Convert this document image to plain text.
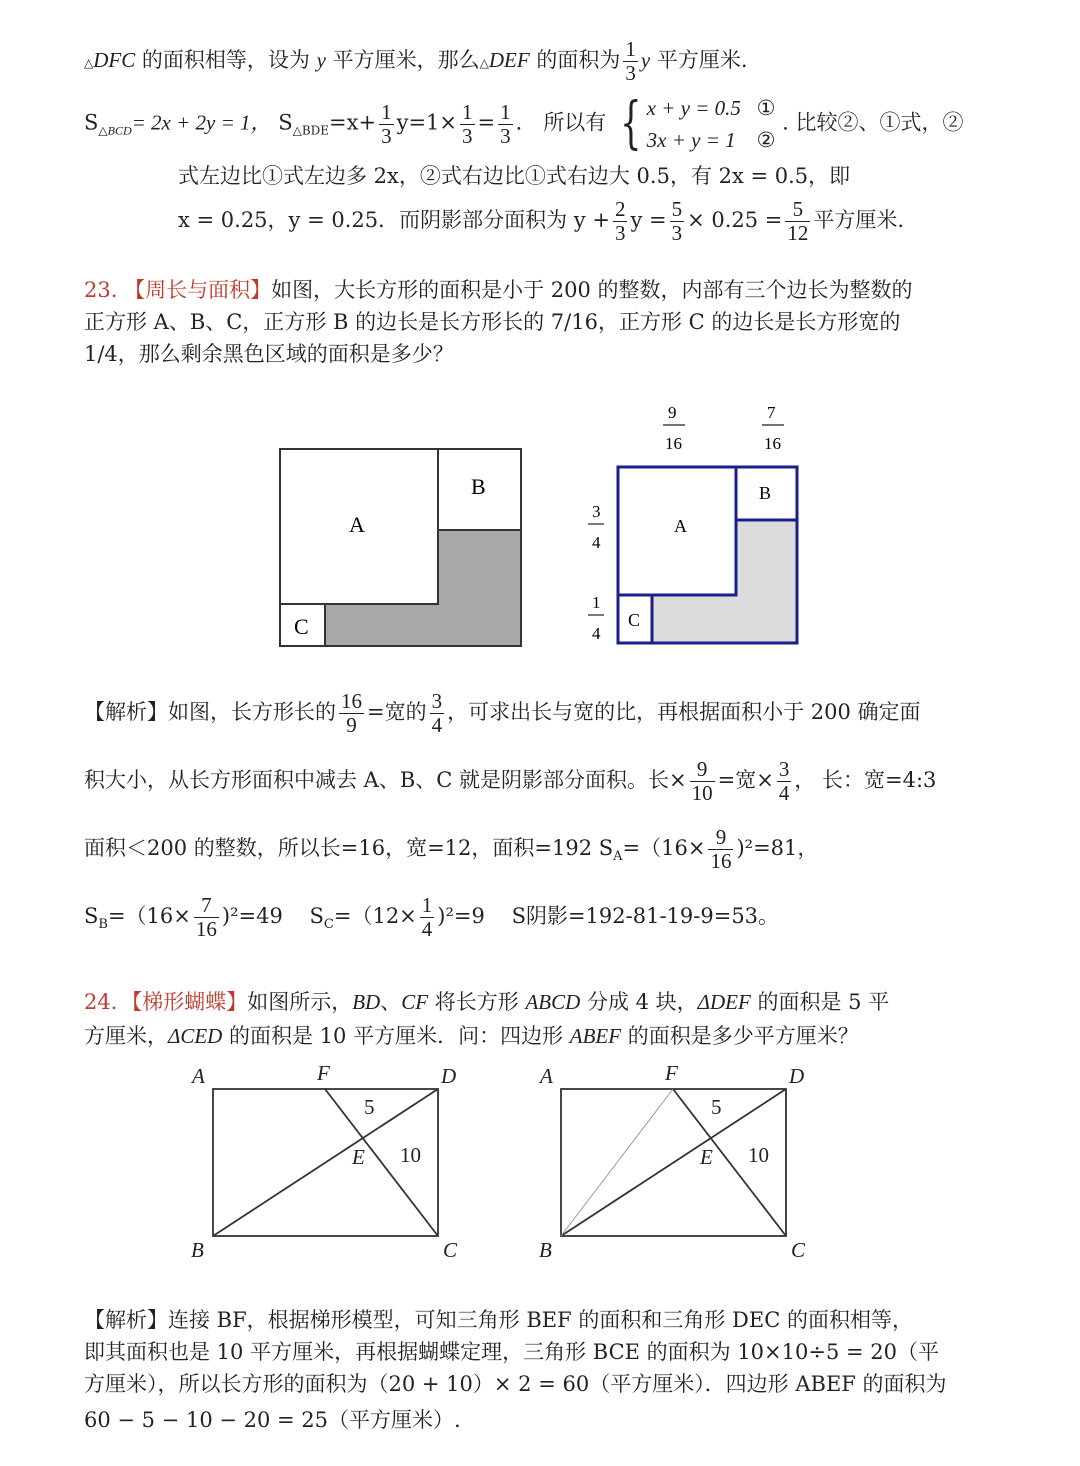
△DFC 的面积相等，设为 y 平方厘米，那么△DEF 的面积为 $\frac{1}{3}$ y 平方厘米.
$S_{\triangle BCD}= 2x + 2y = 1$， $S_{\triangle BDE}=x+ \frac{1}{3} y=1\times \frac{1}{3} = \frac{1}{3}$ ． 所以有 { x + y = 0.5 ①
3x + y = 1 ② . 比较②、①式，②
式左边比①式左边多 2x，②式右边比①式右边大 0.5，有 2x = 0.5，即
x = 0.25，y = 0.25．而阴影部分面积为 $y + \frac{2}{3}$ $y = \frac{5}{3} \times 0.25 = \frac{5}{12}$ 平方厘米.
23. 【周长与面积】如图，大长方形的面积是小于 200 的整数，内部有三个边长为整数的
正方形 A、B、C，正方形 B 的边长是长方形长的 7/16，正方形 C 的边长是长方形宽的
1/4，那么剩余黑色区域的面积是多少？
A
B
C
A
B
C
9
16
7
16
3
4
1
4
【解析】如图，长方形长的 $\frac{16}{9}$ =宽的 $\frac{3}{4}$ ，可求出长与宽的比，再根据面积小于 200 确定面
积大小，从长方形面积中减去 A、B、C 就是阴影部分面积。长× $\frac{9}{10}$ =宽× $\frac{3}{4}$ ， 长：宽=4:3
面积＜200 的整数，所以长=16，宽=12，面积=192 $S_A=(16\times \frac{9}{16} )^2=81$，
$S_B=(16\times \frac{7}{16} )^2=49$ $S_C=(12\times \frac{1}{4} )^2=9$ S阴影=192-81-19-9=53。
24．【梯形蝴蝶】如图所示，BD、CF 将长方形 ABCD 分成 4 块，ΔDEF 的面积是 5 平
方厘米，ΔCED 的面积是 10 平方厘米．问：四边形 ABEF 的面积是多少平方厘米？
A	F	D
B	C
E
5
10
A	F	D
B	C
E
5
10
【解析】连接 BF，根据梯形模型，可知三角形 BEF 的面积和三角形 DEC 的面积相等，
即其面积也是 10 平方厘米，再根据蝴蝶定理，三角形 BCE 的面积为 10×10÷5 = 20（平
方厘米），所以长方形的面积为（20 + 10）× 2 = 60（平方厘米）．四边形 ABEF 的面积为
60 − 5 − 10 − 20 = 25（平方厘米）.
